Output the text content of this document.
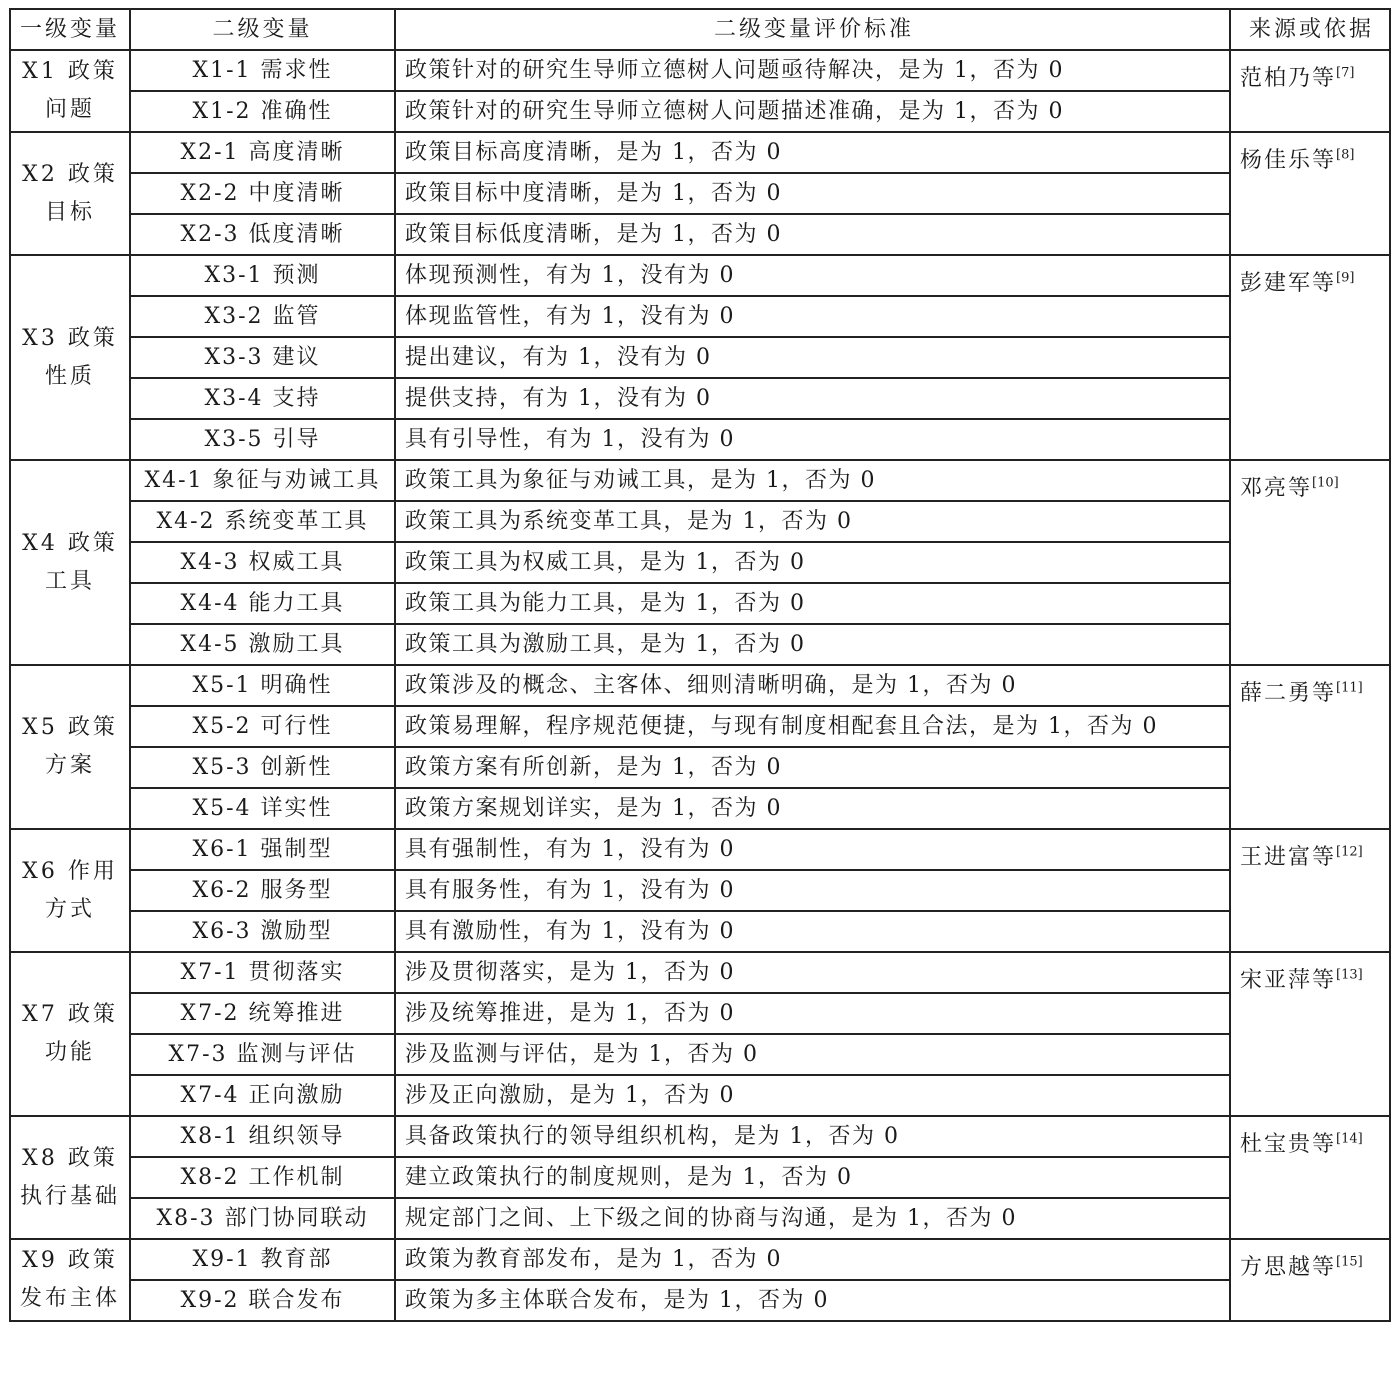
一级变量	二级变量	二级变量评价标准	来源或依据
X1 政策问题	X1-1 需求性	政策针对的研究生导师立德树人问题亟待解决，是为 1，否为 0	范柏乃等[7]
	X1-2 准确性	政策针对的研究生导师立德树人问题描述准确，是为 1，否为 0	
X2 政策目标	X2-1 高度清晰	政策目标高度清晰，是为 1，否为 0	杨佳乐等[8]
	X2-2 中度清晰	政策目标中度清晰，是为 1，否为 0	
	X2-3 低度清晰	政策目标低度清晰，是为 1，否为 0	
X3 政策性质	X3-1 预测	体现预测性，有为 1，没有为 0	彭建军等[9]
	X3-2 监管	体现监管性，有为 1，没有为 0	
	X3-3 建议	提出建议，有为 1，没有为 0	
	X3-4 支持	提供支持，有为 1，没有为 0	
	X3-5 引导	具有引导性，有为 1，没有为 0	
X4 政策工具	X4-1 象征与劝诫工具	政策工具为象征与劝诫工具，是为 1，否为 0	邓亮等[10]
	X4-2 系统变革工具	政策工具为系统变革工具，是为 1，否为 0	
	X4-3 权威工具	政策工具为权威工具，是为 1，否为 0	
	X4-4 能力工具	政策工具为能力工具，是为 1，否为 0	
	X4-5 激励工具	政策工具为激励工具，是为 1，否为 0	
X5 政策方案	X5-1 明确性	政策涉及的概念、主客体、细则清晰明确，是为 1，否为 0	薛二勇等[11]
	X5-2 可行性	政策易理解，程序规范便捷，与现有制度相配套且合法，是为 1，否为 0	
	X5-3 创新性	政策方案有所创新，是为 1，否为 0	
	X5-4 详实性	政策方案规划详实，是为 1，否为 0	
X6 作用方式	X6-1 强制型	具有强制性，有为 1，没有为 0	王进富等[12]
	X6-2 服务型	具有服务性，有为 1，没有为 0	
	X6-3 激励型	具有激励性，有为 1，没有为 0	
X7 政策功能	X7-1 贯彻落实	涉及贯彻落实，是为 1，否为 0	宋亚萍等[13]
	X7-2 统筹推进	涉及统筹推进，是为 1，否为 0	
	X7-3 监测与评估	涉及监测与评估，是为 1，否为 0	
	X7-4 正向激励	涉及正向激励，是为 1，否为 0	
X8 政策执行基础	X8-1 组织领导	具备政策执行的领导组织机构，是为 1，否为 0	杜宝贵等[14]
	X8-2 工作机制	建立政策执行的制度规则，是为 1，否为 0	
	X8-3 部门协同联动	规定部门之间、上下级之间的协商与沟通，是为 1，否为 0	
X9 政策发布主体	X9-1 教育部	政策为教育部发布，是为 1，否为 0	方思越等[15]
	X9-2 联合发布	政策为多主体联合发布，是为 1，否为 0	
